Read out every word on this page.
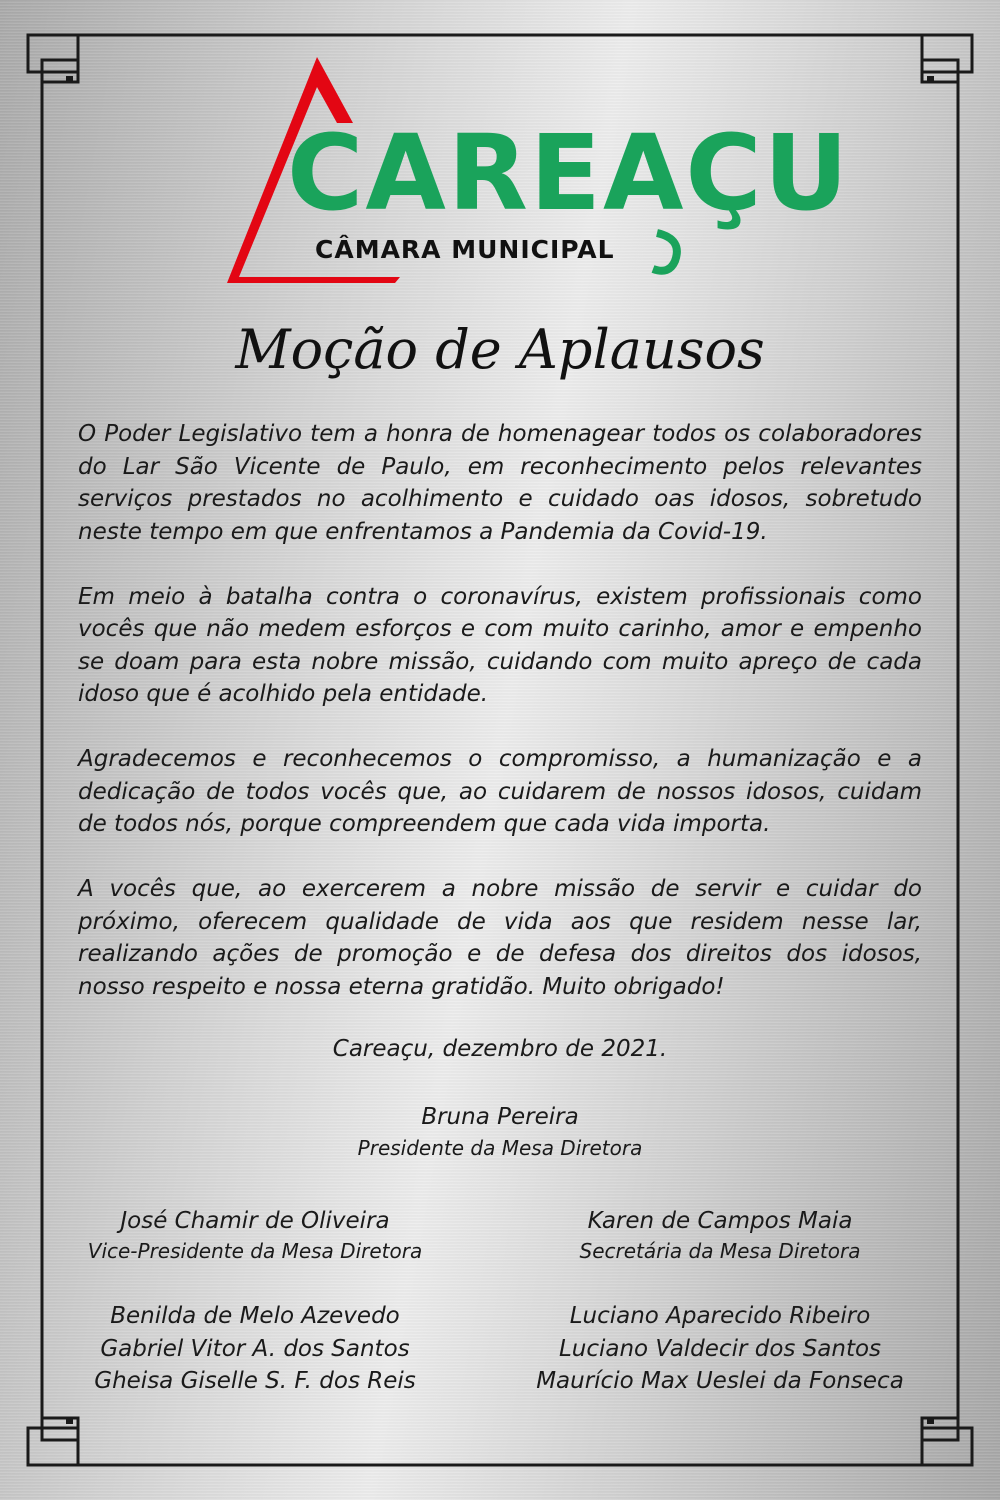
CAREAÇU
CÂMARA MUNICIPAL
Moção de Aplausos

O Poder Legislativo tem a honra de homenagear todos os colaboradores do Lar São Vicente de Paulo, em reconhecimento pelos relevantes serviços prestados no acolhimento e cuidado oas idosos, sobretudo neste tempo em que enfrentamos a Pandemia da Covid-19.

Em meio à batalha contra o coronavírus, existem profissionais como vocês que não medem esforços e com muito carinho, amor e empenho se doam para esta nobre missão, cuidando com muito apreço de cada idoso que é acolhido pela entidade.

Agradecemos e reconhecemos o compromisso, a humanização e a dedicação de todos vocês que, ao cuidarem de nossos idosos, cuidam de todos nós, porque compreendem que cada vida importa.

A vocês que, ao exercerem a nobre missão de servir e cuidar do próximo, oferecem qualidade de vida aos que residem nesse lar, realizando ações de promoção e de defesa dos direitos dos idosos, nosso respeito e nossa eterna gratidão. Muito obrigado!

Careaçu, dezembro de 2021.
Bruna Pereira
Presidente da Mesa Diretora
José Chamir de Oliveira
Vice-Presidente da Mesa Diretora
Karen de Campos Maia
Secretária da Mesa Diretora
Benilda de Melo Azevedo
Gabriel Vitor A. dos Santos
Gheisa Giselle S. F. dos Reis
Luciano Aparecido Ribeiro
Luciano Valdecir dos Santos
Maurício Max Ueslei da Fonseca
